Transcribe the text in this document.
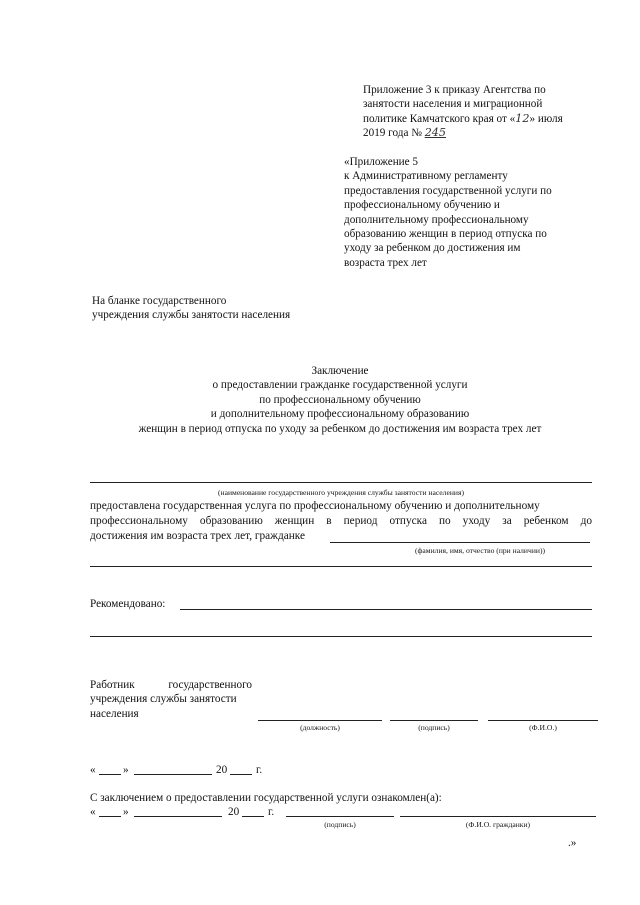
Приложение 3 к приказу Агентства по
занятости населения и миграционной
политике Камчатского края от «12» июля
2019 года № 245
«Приложение 5
к Административному регламенту
предоставления государственной услуги по
профессиональному обучению и
дополнительному профессиональному
образованию женщин в период отпуска по
уходу за ребенком до достижения им
возраста трех лет
На бланке государственного
учреждения службы занятости населения
Заключение
о предоставлении гражданке государственной услуги
по профессиональному обучению
и дополнительному профессиональному образованию
женщин в период отпуска по уходу за ребенком до достижения им возраста трех лет
(наименование государственного учреждения службы занятости населения)
предоставлена государственная услуга по профессиональному обучению и дополнительному
профессиональному образованию женщин в период отпуска по уходу за ребенком до
достижения им возраста трех лет, гражданке
(фамилия, имя, отчество (при наличии))
Рекомендовано:
Работник государственного
учреждения службы занятости
населения
(должность)	(подпись)	(Ф.И.О.)
« »	20	г.
С заключением о предоставлении государственной услуги ознакомлен(а):
« »	20	г.
(подпись)	(Ф.И.О. гражданки)
.»
